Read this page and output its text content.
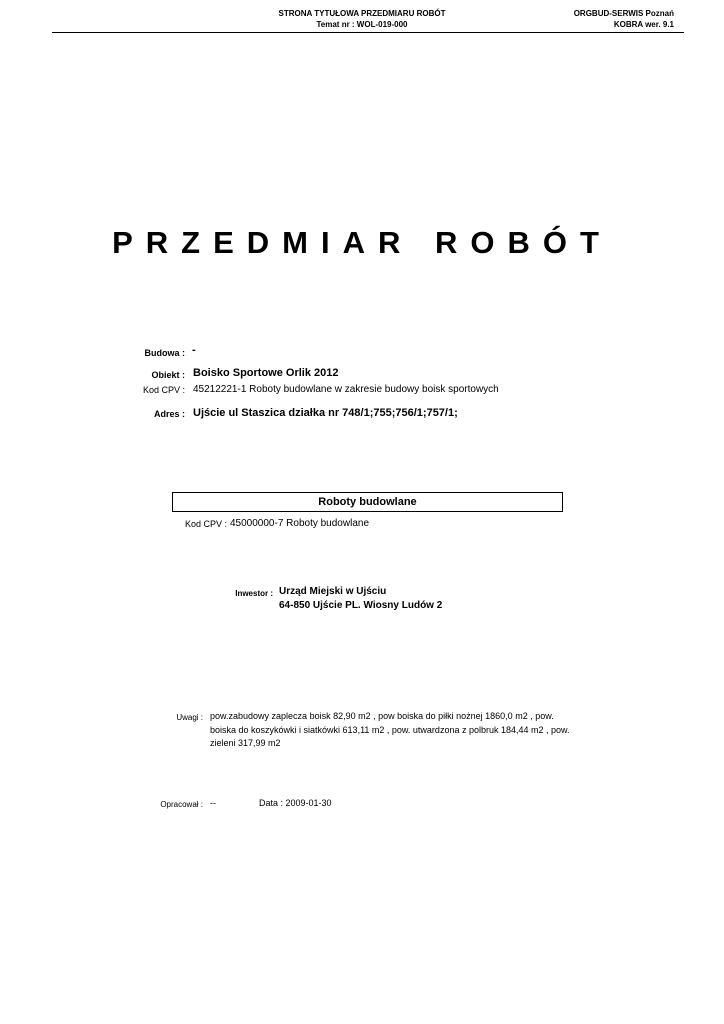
STRONA TYTUŁOWA PRZEDMIARU ROBÓT
Temat nr : WOL-019-000
ORGBUD-SERWIS Poznań
KOBRA wer. 9.1
PRZEDMIAR ROBÓT
Budowa : -
Obiekt : Boisko Sportowe Orlik 2012
Kod CPV : 45212221-1 Roboty budowlane w zakresie budowy boisk sportowych
Adres : Ujście ul Staszica działka nr 748/1;755;756/1;757/1;
Roboty budowlane
Kod CPV : 45000000-7 Roboty budowlane
Inwestor : Urząd Miejski w Ujściu
64-850 Ujście PL. Wiosny Ludów 2
Uwagi : pow.zabudowy zaplecza boisk 82,90 m2 , pow boiska do piłki nożnej 1860,0 m2 , pow.
boiska do koszykówki i siatkówki 613,11 m2 , pow. utwardzona z polbruk 184,44 m2 , pow.
zieleni 317,99 m2
Opracował : --	Data : 2009-01-30
